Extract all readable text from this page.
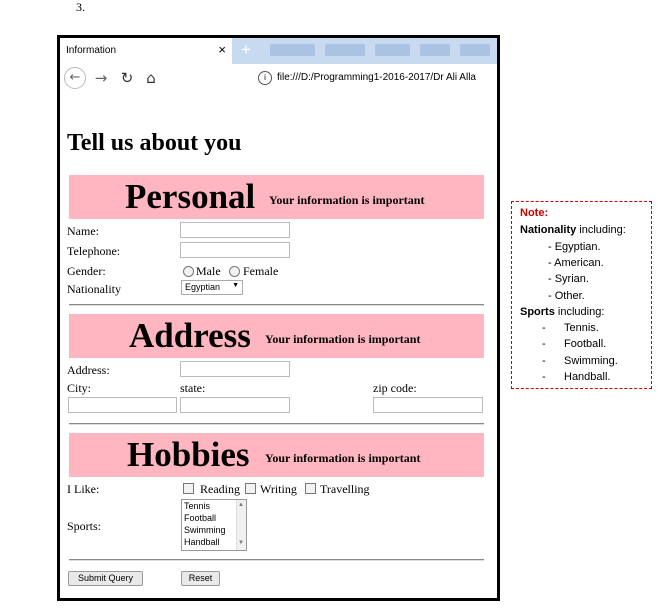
3.
Information	× +
← → ↻ ⌂	i file:///D:/Programming1-2016-2017/Dr Ali Alla
Tell us about you
Personal Your information is important
Name:
Telephone:
Gender:	Male Female
Nationality	Egyptian ▼
Address Your information is important
Address:
City:	state:	zip code:
Hobbies Your information is important
I Like:	Reading Writing Travelling
Sports:
Tennis
Football
Swimming
Handball
▲
▼
Submit Query	Reset
Note:
Nationality including:
- Egyptian.
- American.
- Syrian.
- Other.
Sports including:
- Tennis.
- Football.
- Swimming.
- Handball.
